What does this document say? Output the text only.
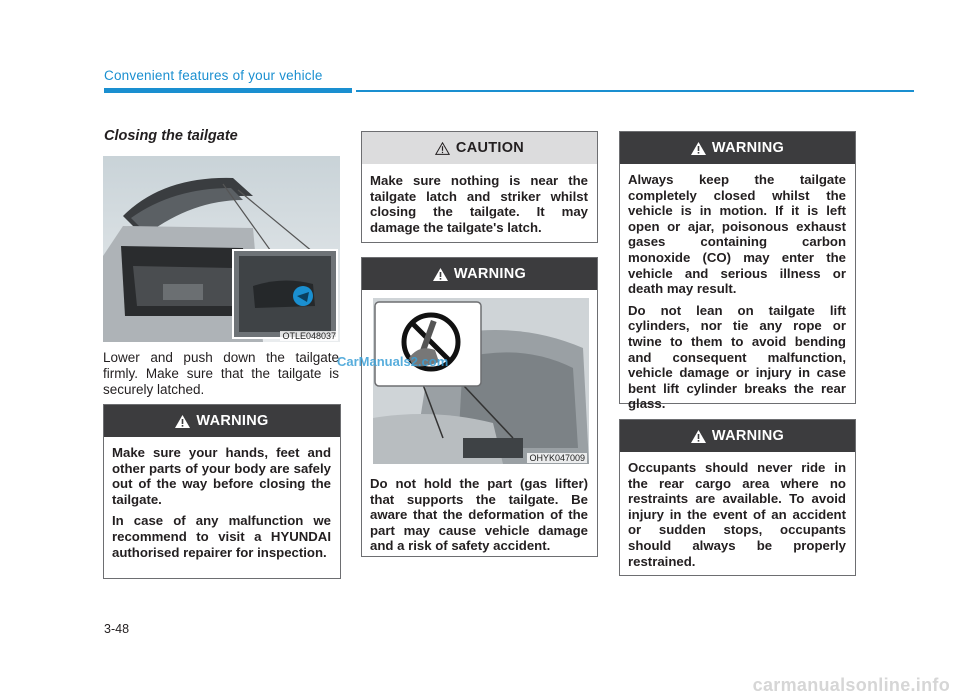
Convenient features of your vehicle
Closing the tailgate
OTLE048037
Lower and push down the tailgate firmly. Make sure that the tailgate is securely latched.
WARNING

Make sure your hands, feet and other parts of your body are safely out of the way before closing the tailgate.

In case of any malfunction we recommend to visit a HYUNDAI authorised repairer for inspection.

CAUTION

Make sure nothing is near the tailgate latch and striker whilst closing the tailgate. It may damage the tailgate's latch.

WARNING
OHYK047009

Do not hold the part (gas lifter) that supports the tailgate. Be aware that the deformation of the part may cause vehicle damage and a risk of safety accident.

WARNING

Always keep the tailgate completely closed whilst the vehicle is in motion. If it is left open or ajar, poisonous exhaust gases containing carbon monoxide (CO) may enter the vehicle and serious illness or death may result.

Do not lean on tailgate lift cylinders, nor tie any rope or twine to them to avoid bending and consequent malfunction, vehicle damage or injury in case bent lift cylinder breaks the rear glass.

WARNING

Occupants should never ride in the rear cargo area where no restraints are available. To avoid injury in the event of an accident or sudden stops, occupants should always be properly restrained.

CarManuals2.com
3-48
carmanualsonline.info
